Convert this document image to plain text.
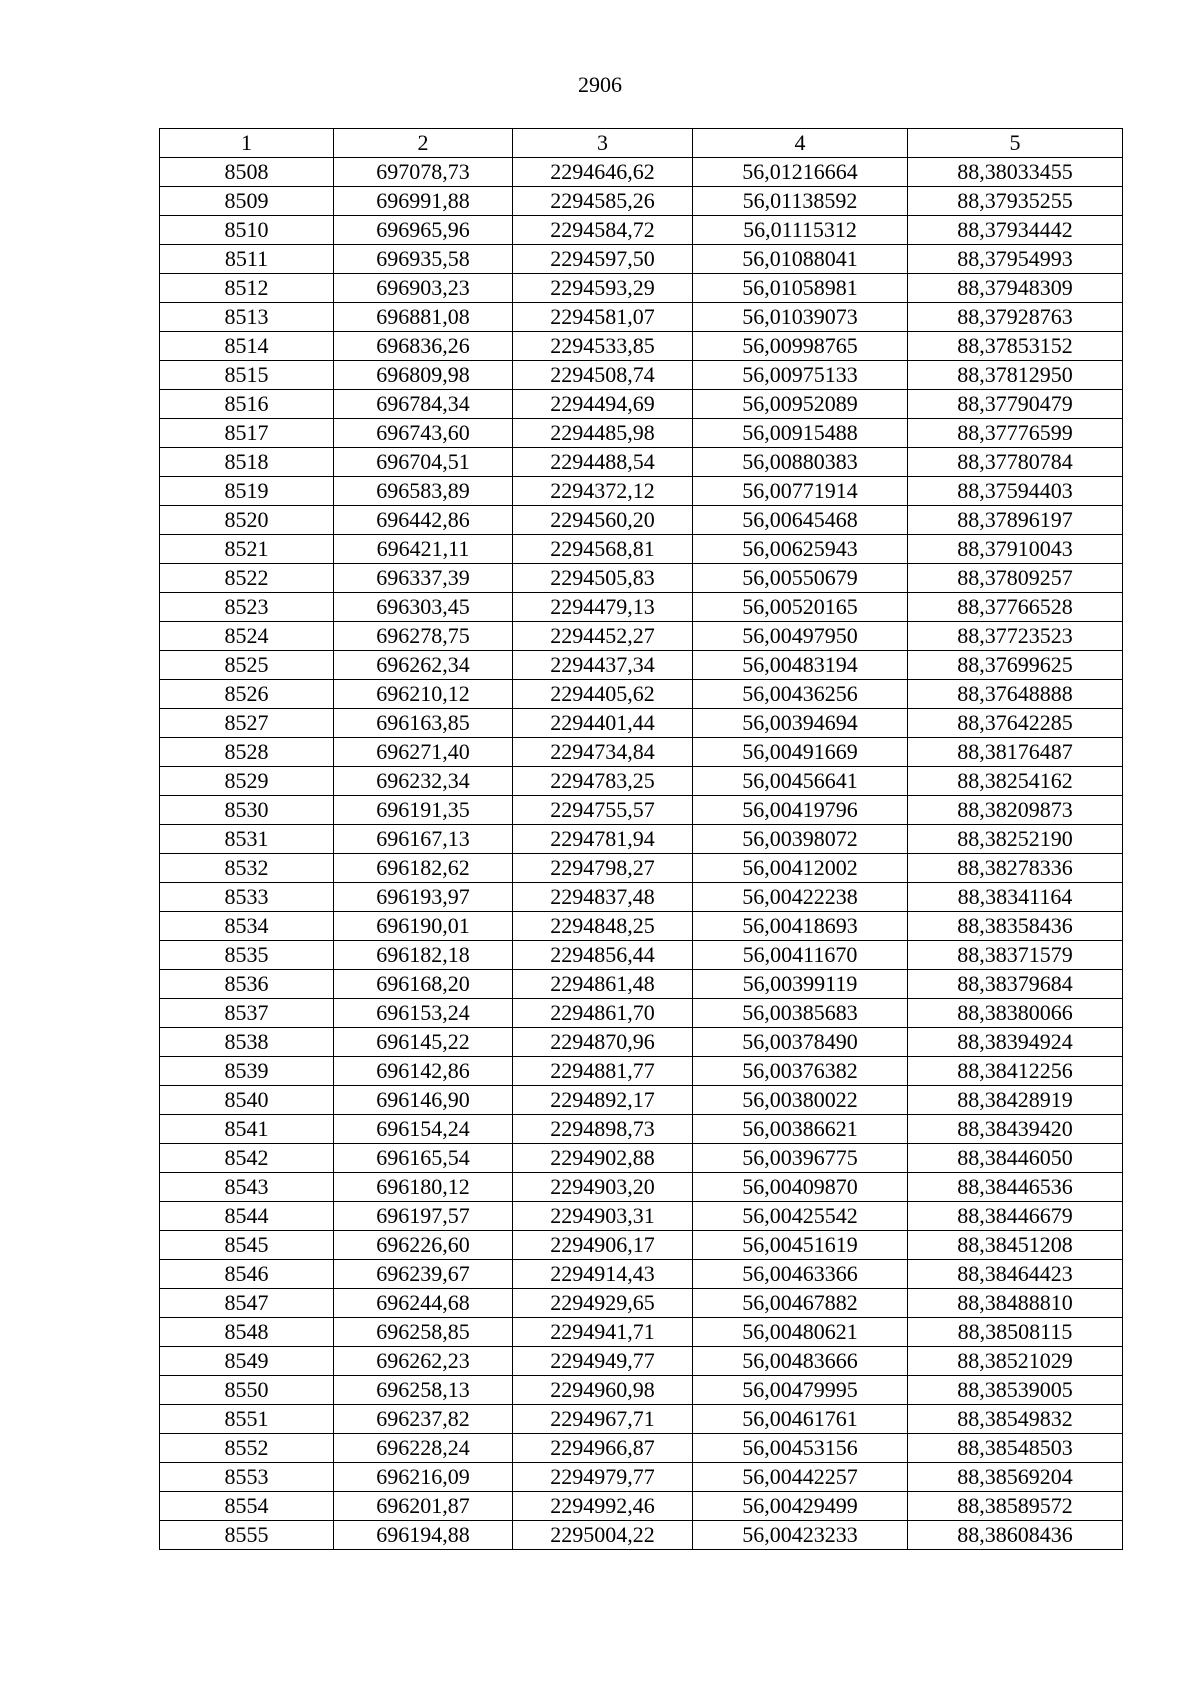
2906
1	2	3	4	5
8508	697078,73	2294646,62	56,01216664	88,38033455
8509	696991,88	2294585,26	56,01138592	88,37935255
8510	696965,96	2294584,72	56,01115312	88,37934442
8511	696935,58	2294597,50	56,01088041	88,37954993
8512	696903,23	2294593,29	56,01058981	88,37948309
8513	696881,08	2294581,07	56,01039073	88,37928763
8514	696836,26	2294533,85	56,00998765	88,37853152
8515	696809,98	2294508,74	56,00975133	88,37812950
8516	696784,34	2294494,69	56,00952089	88,37790479
8517	696743,60	2294485,98	56,00915488	88,37776599
8518	696704,51	2294488,54	56,00880383	88,37780784
8519	696583,89	2294372,12	56,00771914	88,37594403
8520	696442,86	2294560,20	56,00645468	88,37896197
8521	696421,11	2294568,81	56,00625943	88,37910043
8522	696337,39	2294505,83	56,00550679	88,37809257
8523	696303,45	2294479,13	56,00520165	88,37766528
8524	696278,75	2294452,27	56,00497950	88,37723523
8525	696262,34	2294437,34	56,00483194	88,37699625
8526	696210,12	2294405,62	56,00436256	88,37648888
8527	696163,85	2294401,44	56,00394694	88,37642285
8528	696271,40	2294734,84	56,00491669	88,38176487
8529	696232,34	2294783,25	56,00456641	88,38254162
8530	696191,35	2294755,57	56,00419796	88,38209873
8531	696167,13	2294781,94	56,00398072	88,38252190
8532	696182,62	2294798,27	56,00412002	88,38278336
8533	696193,97	2294837,48	56,00422238	88,38341164
8534	696190,01	2294848,25	56,00418693	88,38358436
8535	696182,18	2294856,44	56,00411670	88,38371579
8536	696168,20	2294861,48	56,00399119	88,38379684
8537	696153,24	2294861,70	56,00385683	88,38380066
8538	696145,22	2294870,96	56,00378490	88,38394924
8539	696142,86	2294881,77	56,00376382	88,38412256
8540	696146,90	2294892,17	56,00380022	88,38428919
8541	696154,24	2294898,73	56,00386621	88,38439420
8542	696165,54	2294902,88	56,00396775	88,38446050
8543	696180,12	2294903,20	56,00409870	88,38446536
8544	696197,57	2294903,31	56,00425542	88,38446679
8545	696226,60	2294906,17	56,00451619	88,38451208
8546	696239,67	2294914,43	56,00463366	88,38464423
8547	696244,68	2294929,65	56,00467882	88,38488810
8548	696258,85	2294941,71	56,00480621	88,38508115
8549	696262,23	2294949,77	56,00483666	88,38521029
8550	696258,13	2294960,98	56,00479995	88,38539005
8551	696237,82	2294967,71	56,00461761	88,38549832
8552	696228,24	2294966,87	56,00453156	88,38548503
8553	696216,09	2294979,77	56,00442257	88,38569204
8554	696201,87	2294992,46	56,00429499	88,38589572
8555	696194,88	2295004,22	56,00423233	88,38608436
